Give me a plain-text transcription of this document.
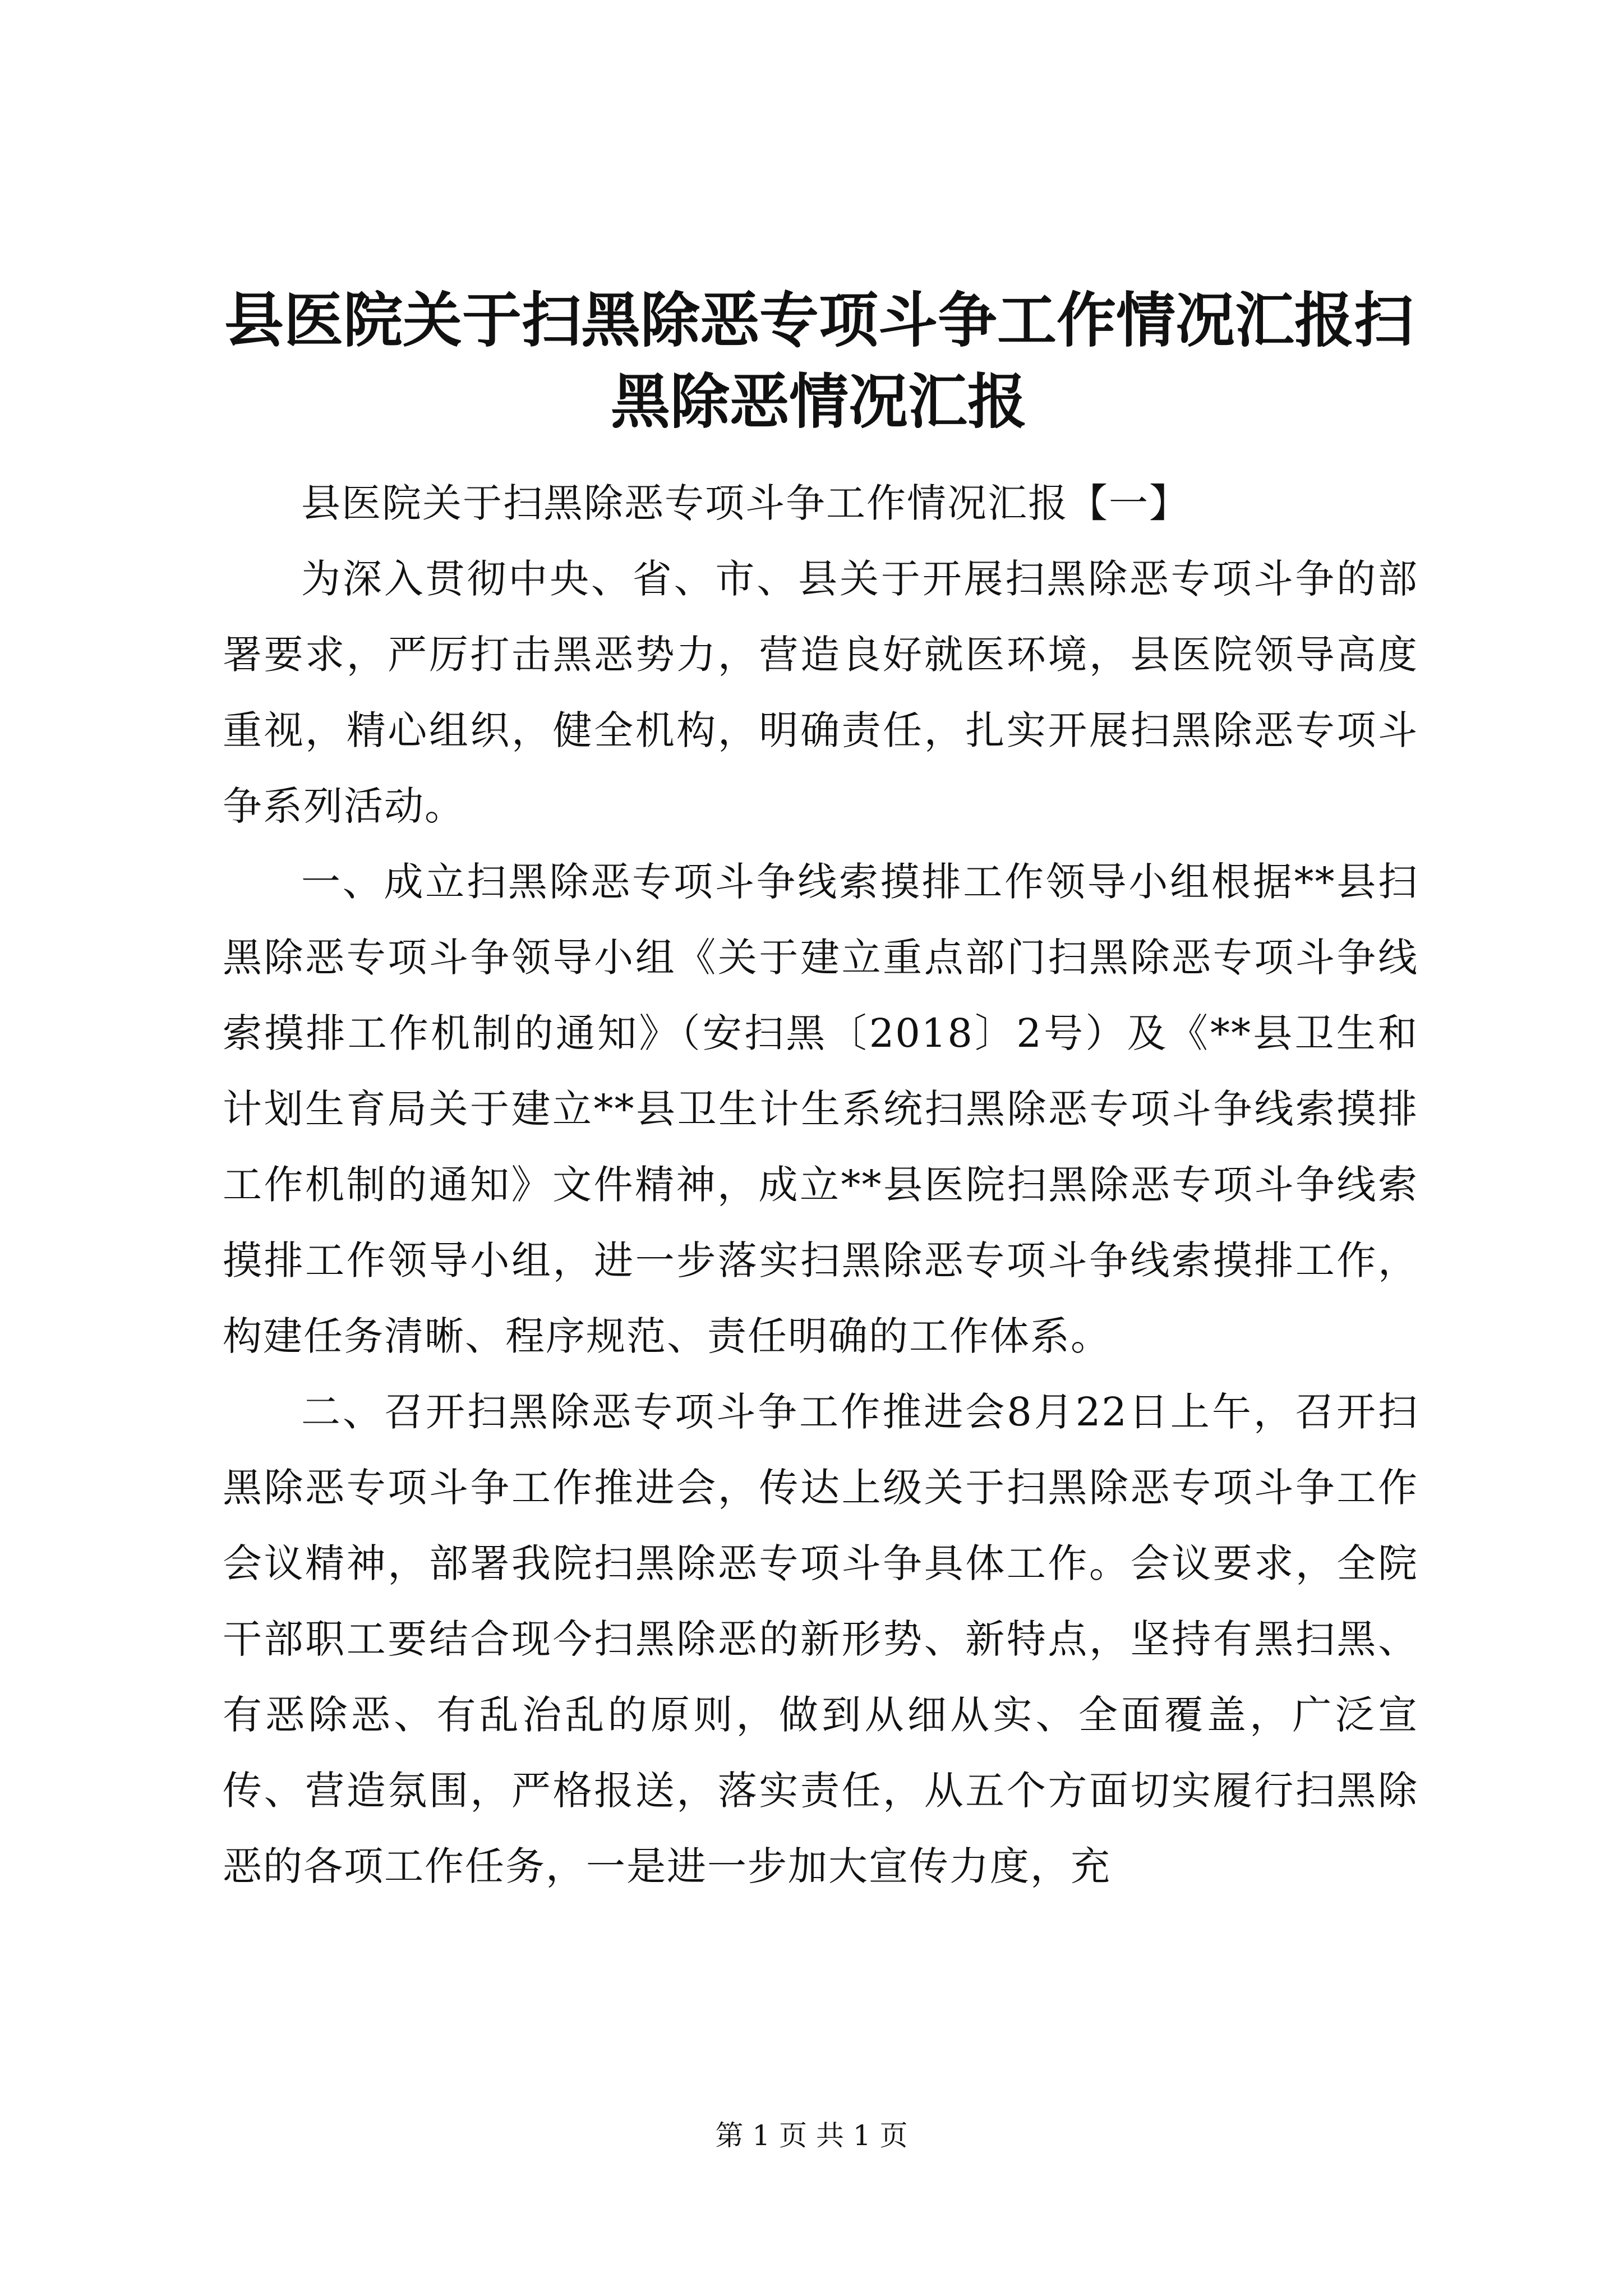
县医院关于扫黑除恶专项斗争工作情况汇报扫
黑除恶情况汇报

县医院关于扫黑除恶专项斗争工作情况汇报【一】

为深入贯彻中央、省、市、县关于开展扫黑除恶专项斗争的部署要求，严厉打击黑恶势力，营造良好就医环境，县医院领导高度重视，精心组织，健全机构，明确责任，扎实开展扫黑除恶专项斗争系列活动。

一、成立扫黑除恶专项斗争线索摸排工作领导小组根据**县扫黑除恶专项斗争领导小组《关于建立重点部门扫黑除恶专项斗争线索摸排工作机制的通知》（安扫黑〔2018〕2号）及《**县卫生和计划生育局关于建立**县卫生计生系统扫黑除恶专项斗争线索摸排工作机制的通知》文件精神，成立**县医院扫黑除恶专项斗争线索摸排工作领导小组，进一步落实扫黑除恶专项斗争线索摸排工作，构建任务清晰、程序规范、责任明确的工作体系。

二、召开扫黑除恶专项斗争工作推进会8月22日上午，召开扫黑除恶专项斗争工作推进会，传达上级关于扫黑除恶专项斗争工作会议精神，部署我院扫黑除恶专项斗争具体工作。会议要求，全院干部职工要结合现今扫黑除恶的新形势、新特点，坚持有黑扫黑、有恶除恶、有乱治乱的原则，做到从细从实、全面覆盖，广泛宣传、营造氛围，严格报送，落实责任，从五个方面切实履行扫黑除恶的各项工作任务，一是进一步加大宣传力度，充

第 1 页 共 1 页
